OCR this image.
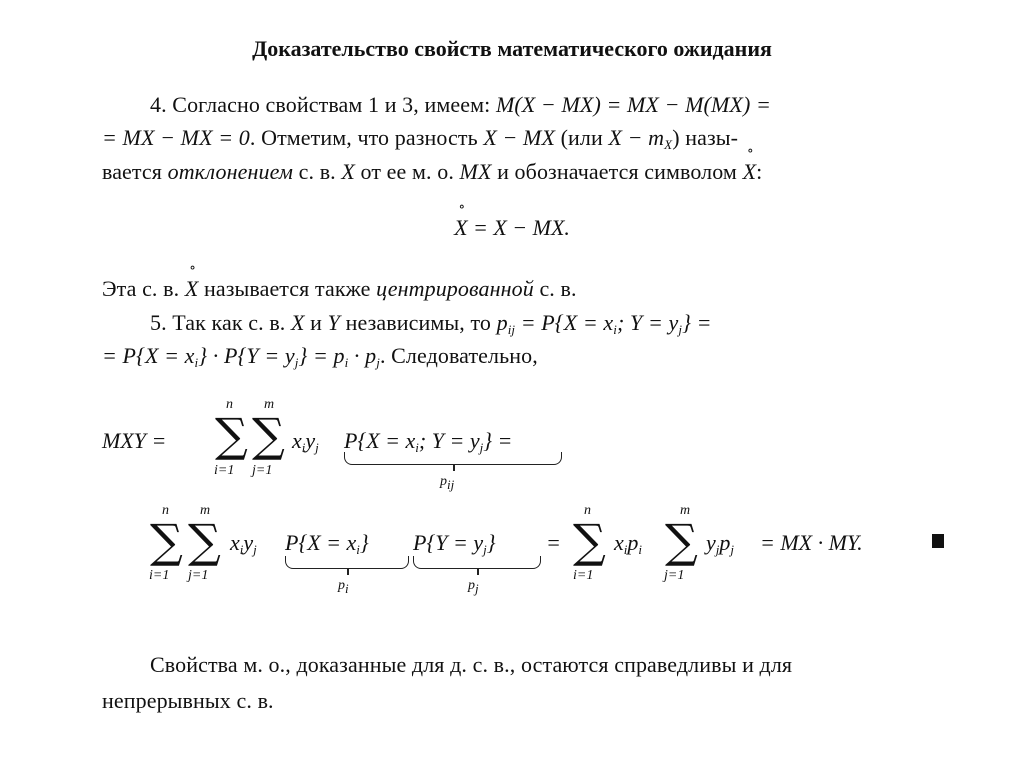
Доказательство свойств математического ожидания
4. Согласно свойствам 1 и 3, имеем: M(X − MX) = MX − M(MX) =
= MX − MX = 0. Отметим, что разность X − MX (или $X - m_X$) назы-
вается отклонением с. в. X от ее м. о. MX и обозначается символом ∘ X:
∘ X = X − MX.
Эта с. в. ∘ X называется также центрированной с. в.
5. Так как с. в. X и Y независимы, то $p_{ij} = P\{X = x_i$; $Y = y_j$} =
= $P\{X = x_i\} \cdot P\{Y = y_j\} = p_i \cdot p_j$. Следовательно,
MXY =
n
∑
i=1
m
∑
j=1
$x_iy_j$ $P\{X = x_i$; $Y = y_j$} =
pij
n
∑
i=1
m
∑
j=1
$x_iy_j$ $P\{X = x_i\}$
pi
$P\{Y = y_j\}$
pj
=
n
∑
i=1
$x_ip_i$
m
∑
j=1
$y_jp_j$ = MX · MY.
Свойства м. о., доказанные для д. с. в., остаются справедливы и для
непрерывных с. в.
